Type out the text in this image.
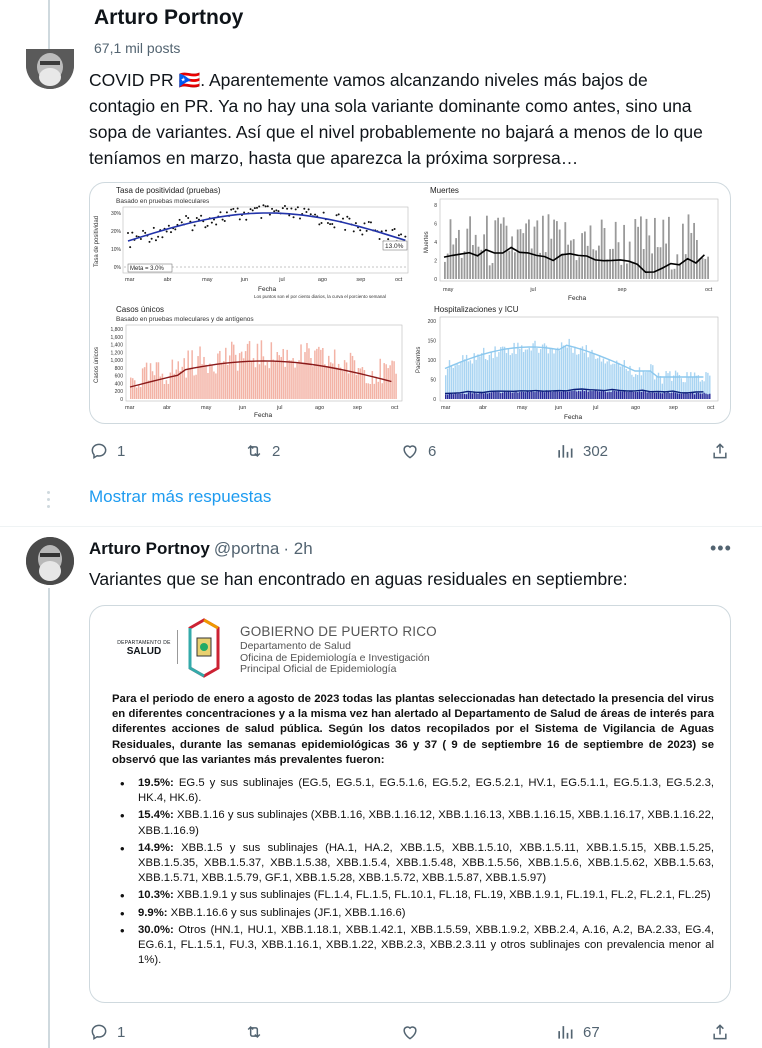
Arturo Portnoy
67,1 mil posts
COVID PR 🇵🇷. Aparentemente vamos alcanzando niveles más bajos de contagio en PR. Ya no hay una sola variante dominante como antes, sino una sopa de variantes. Así que el nivel probablemente no bajará a menos de lo que teníamos en marzo, hasta que aparezca la próxima sorpresa…
Tasa de positividad (pruebas)
Basado en pruebas moleculares
Tasa de positividad
30%
20%
10%
0% Meta = 3.0%
13.0%
mar	abr	may	jun	jul	ago	sep	oct
Fecha
Los puntos son el por ciento diarios, la curva el porciento semanal
Muertes
Muertes
8
6
4
2
0
may	jul	sep	oct
Fecha
Casos únicos
Basado en pruebas moleculares y de antígenos
Casos únicos
1,800
1,600
1,400
1,200
1,000
800
600
400
200
0
mar	abr	may	jun	jul	ago	sep	oct
Fecha
Hospitalizaciones y ICU
Pacientes
200
150
100
50
0
mar	abr	may	jun	jul	ago	sep	oct
Fecha
1	2	6	302
Mostrar más respuestas
Arturo Portnoy @portna · 2h	•••
Variantes que se han encontrado en aguas residuales en septiembre:
DEPARTAMENTO DE
SALUD
GOBIERNO DE PUERTO RICO
Departamento de Salud
Oficina de Epidemiología e Investigación
Principal Oficial de Epidemiología

Para el periodo de enero a agosto de 2023 todas las plantas seleccionadas han detectado la presencia del virus en diferentes concentraciones y a la misma vez han alertado al Departamento de Salud de áreas de interés para diferentes acciones de salud pública. Según los datos recopilados por el Sistema de Vigilancia de Aguas Residuales, durante las semanas epidemiológicas 36 y 37 ( 9 de septiembre 16 de septiembre de 2023) se observó que las variantes más prevalentes fueron:

• 19.5%: EG.5 y sus sublinajes (EG.5, EG.5.1, EG.5.1.6, EG.5.2, EG.5.2.1, HV.1, EG.5.1.1, EG.5.1.3, EG.5.2.3, HK.4, HK.6).
• 15.4%: XBB.1.16 y sus sublinajes (XBB.1.16, XBB.1.16.12, XBB.1.16.13, XBB.1.16.15, XBB.1.16.17, XBB.1.16.22, XBB.1.16.9)
• 14.9%: XBB.1.5 y sus sublinajes (HA.1, HA.2, XBB.1.5, XBB.1.5.10, XBB.1.5.11, XBB.1.5.15, XBB.1.5.25, XBB.1.5.35, XBB.1.5.37, XBB.1.5.38, XBB.1.5.4, XBB.1.5.48, XBB.1.5.56, XBB.1.5.6, XBB.1.5.62, XBB.1.5.63, XBB.1.5.71, XBB.1.5.79, GF.1, XBB.1.5.28, XBB.1.5.72, XBB.1.5.87, XBB.1.5.97)
• 10.3%: XBB.1.9.1 y sus sublinajes (FL.1.4, FL.1.5, FL.10.1, FL.18, FL.19, XBB.1.9.1, FL.19.1, FL.2, FL.2.1, FL.25)
• 9.9%: XBB.1.16.6 y sus sublinajes (JF.1, XBB.1.16.6)
• 30.0%: Otros (HN.1, HU.1, XBB.1.18.1, XBB.1.42.1, XBB.1.5.59, XBB.1.9.2, XBB.2.4, A.16, A.2, BA.2.33, EG.4, EG.6.1, FL.1.5.1, FU.3, XBB.1.16.1, XBB.1.22, XBB.2.3, XBB.2.3.11 y otros sublinajes con prevalencia menor al 1%).
1	67
